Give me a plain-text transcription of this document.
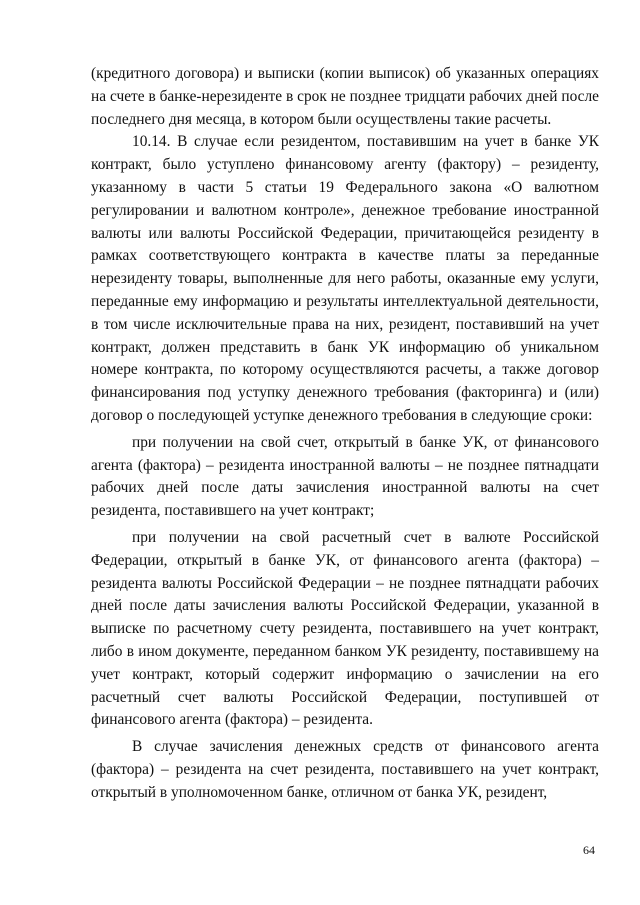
(кредитного договора) и выписки (копии выписок) об указанных операциях на счете в банке-нерезиденте в срок не позднее тридцати рабочих дней после последнего дня месяца, в котором были осуществлены такие расчеты.

10.14. В случае если резидентом, поставившим на учет в банке УК контракт, было уступлено финансовому агенту (фактору) – резиденту, указанному в части 5 статьи 19 Федерального закона «О валютном регулировании и валютном контроле», денежное требование иностранной валюты или валюты Российской Федерации, причитающейся резиденту в рамках соответствующего контракта в качестве платы за переданные нерезиденту товары, выполненные для него работы, оказанные ему услуги, переданные ему информацию и результаты интеллектуальной деятельности, в том числе исключительные права на них, резидент, поставивший на учет контракт, должен представить в банк УК информацию об уникальном номере контракта, по которому осуществляются расчеты, а также договор финансирования под уступку денежного требования (факторинга) и (или) договор о последующей уступке денежного требования в следующие сроки:

при получении на свой счет, открытый в банке УК, от финансового агента (фактора) – резидента иностранной валюты – не позднее пятнадцати рабочих дней после даты зачисления иностранной валюты на счет резидента, поставившего на учет контракт;

при получении на свой расчетный счет в валюте Российской Федерации, открытый в банке УК, от финансового агента (фактора) – резидента валюты Российской Федерации – не позднее пятнадцати рабочих дней после даты зачисления валюты Российской Федерации, указанной в выписке по расчетному счету резидента, поставившего на учет контракт, либо в ином документе, переданном банком УК резиденту, поставившему на учет контракт, который содержит информацию о зачислении на его расчетный счет валюты Российской Федерации, поступившей от финансового агента (фактора) – резидента.

В случае зачисления денежных средств от финансового агента (фактора) – резидента на счет резидента, поставившего на учет контракт, открытый в уполномоченном банке, отличном от банка УК, резидент,

64
